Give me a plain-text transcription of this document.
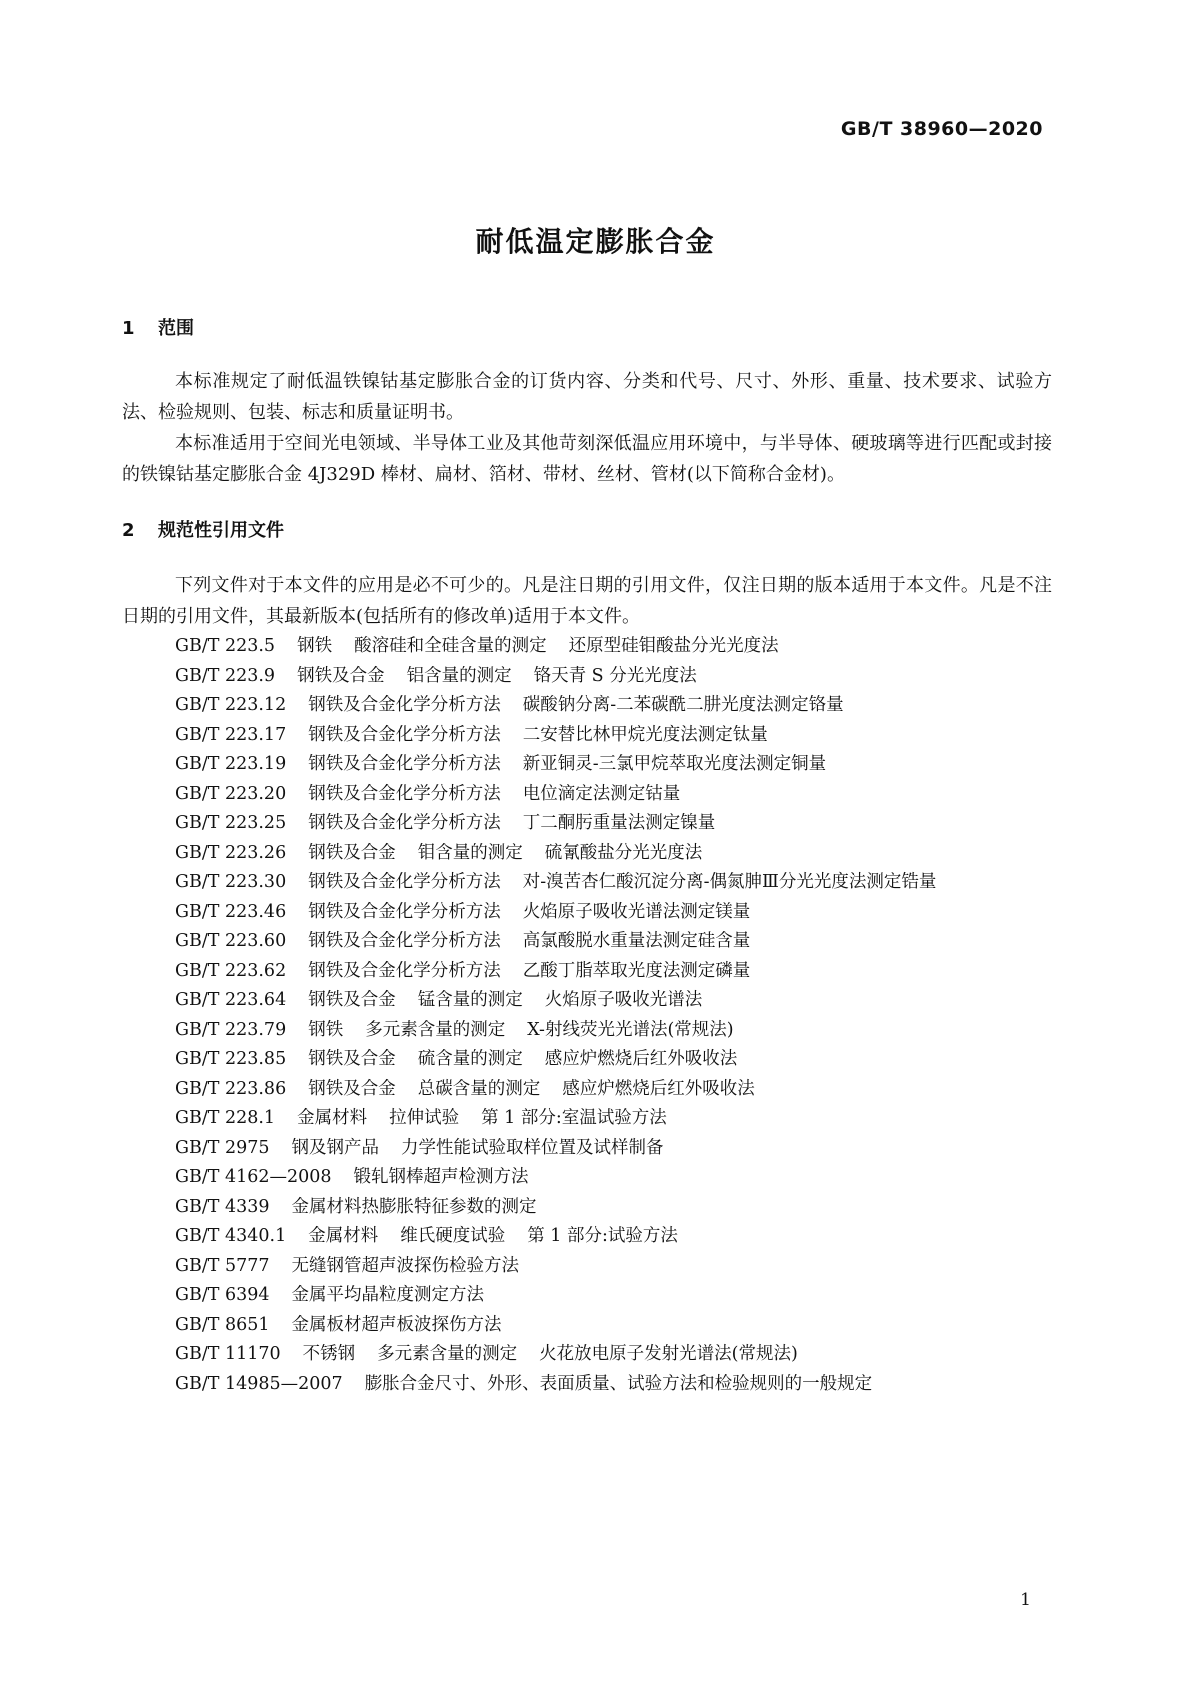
GB/T 38960—2020
耐低温定膨胀合金
1 范围

本标准规定了耐低温铁镍钴基定膨胀合金的订货内容、分类和代号、尺寸、外形、重量、技术要求、试验方法、检验规则、包装、标志和质量证明书。

本标准适用于空间光电领域、半导体工业及其他苛刻深低温应用环境中，与半导体、硬玻璃等进行匹配或封接的铁镍钴基定膨胀合金 4J329D 棒材、扁材、箔材、带材、丝材、管材(以下简称合金材)。

2 规范性引用文件

下列文件对于本文件的应用是必不可少的。凡是注日期的引用文件，仅注日期的版本适用于本文件。凡是不注日期的引用文件，其最新版本(包括所有的修改单)适用于本文件。

GB/T 223.5 钢铁 酸溶硅和全硅含量的测定 还原型硅钼酸盐分光光度法
GB/T 223.9 钢铁及合金 铝含量的测定 铬天青 S 分光光度法
GB/T 223.12 钢铁及合金化学分析方法 碳酸钠分离-二苯碳酰二肼光度法测定铬量
GB/T 223.17 钢铁及合金化学分析方法 二安替比林甲烷光度法测定钛量
GB/T 223.19 钢铁及合金化学分析方法 新亚铜灵-三氯甲烷萃取光度法测定铜量
GB/T 223.20 钢铁及合金化学分析方法 电位滴定法测定钴量
GB/T 223.25 钢铁及合金化学分析方法 丁二酮肟重量法测定镍量
GB/T 223.26 钢铁及合金 钼含量的测定 硫氰酸盐分光光度法
GB/T 223.30 钢铁及合金化学分析方法 对-溴苦杏仁酸沉淀分离-偶氮胂Ⅲ分光光度法测定锆量
GB/T 223.46 钢铁及合金化学分析方法 火焰原子吸收光谱法测定镁量
GB/T 223.60 钢铁及合金化学分析方法 高氯酸脱水重量法测定硅含量
GB/T 223.62 钢铁及合金化学分析方法 乙酸丁脂萃取光度法测定磷量
GB/T 223.64 钢铁及合金 锰含量的测定 火焰原子吸收光谱法
GB/T 223.79 钢铁 多元素含量的测定 X-射线荧光光谱法(常规法)
GB/T 223.85 钢铁及合金 硫含量的测定 感应炉燃烧后红外吸收法
GB/T 223.86 钢铁及合金 总碳含量的测定 感应炉燃烧后红外吸收法
GB/T 228.1 金属材料 拉伸试验 第 1 部分:室温试验方法
GB/T 2975 钢及钢产品 力学性能试验取样位置及试样制备
GB/T 4162—2008 锻轧钢棒超声检测方法
GB/T 4339 金属材料热膨胀特征参数的测定
GB/T 4340.1 金属材料 维氏硬度试验 第 1 部分:试验方法
GB/T 5777 无缝钢管超声波探伤检验方法
GB/T 6394 金属平均晶粒度测定方法
GB/T 8651 金属板材超声板波探伤方法
GB/T 11170 不锈钢 多元素含量的测定 火花放电原子发射光谱法(常规法)
GB/T 14985—2007 膨胀合金尺寸、外形、表面质量、试验方法和检验规则的一般规定
1
